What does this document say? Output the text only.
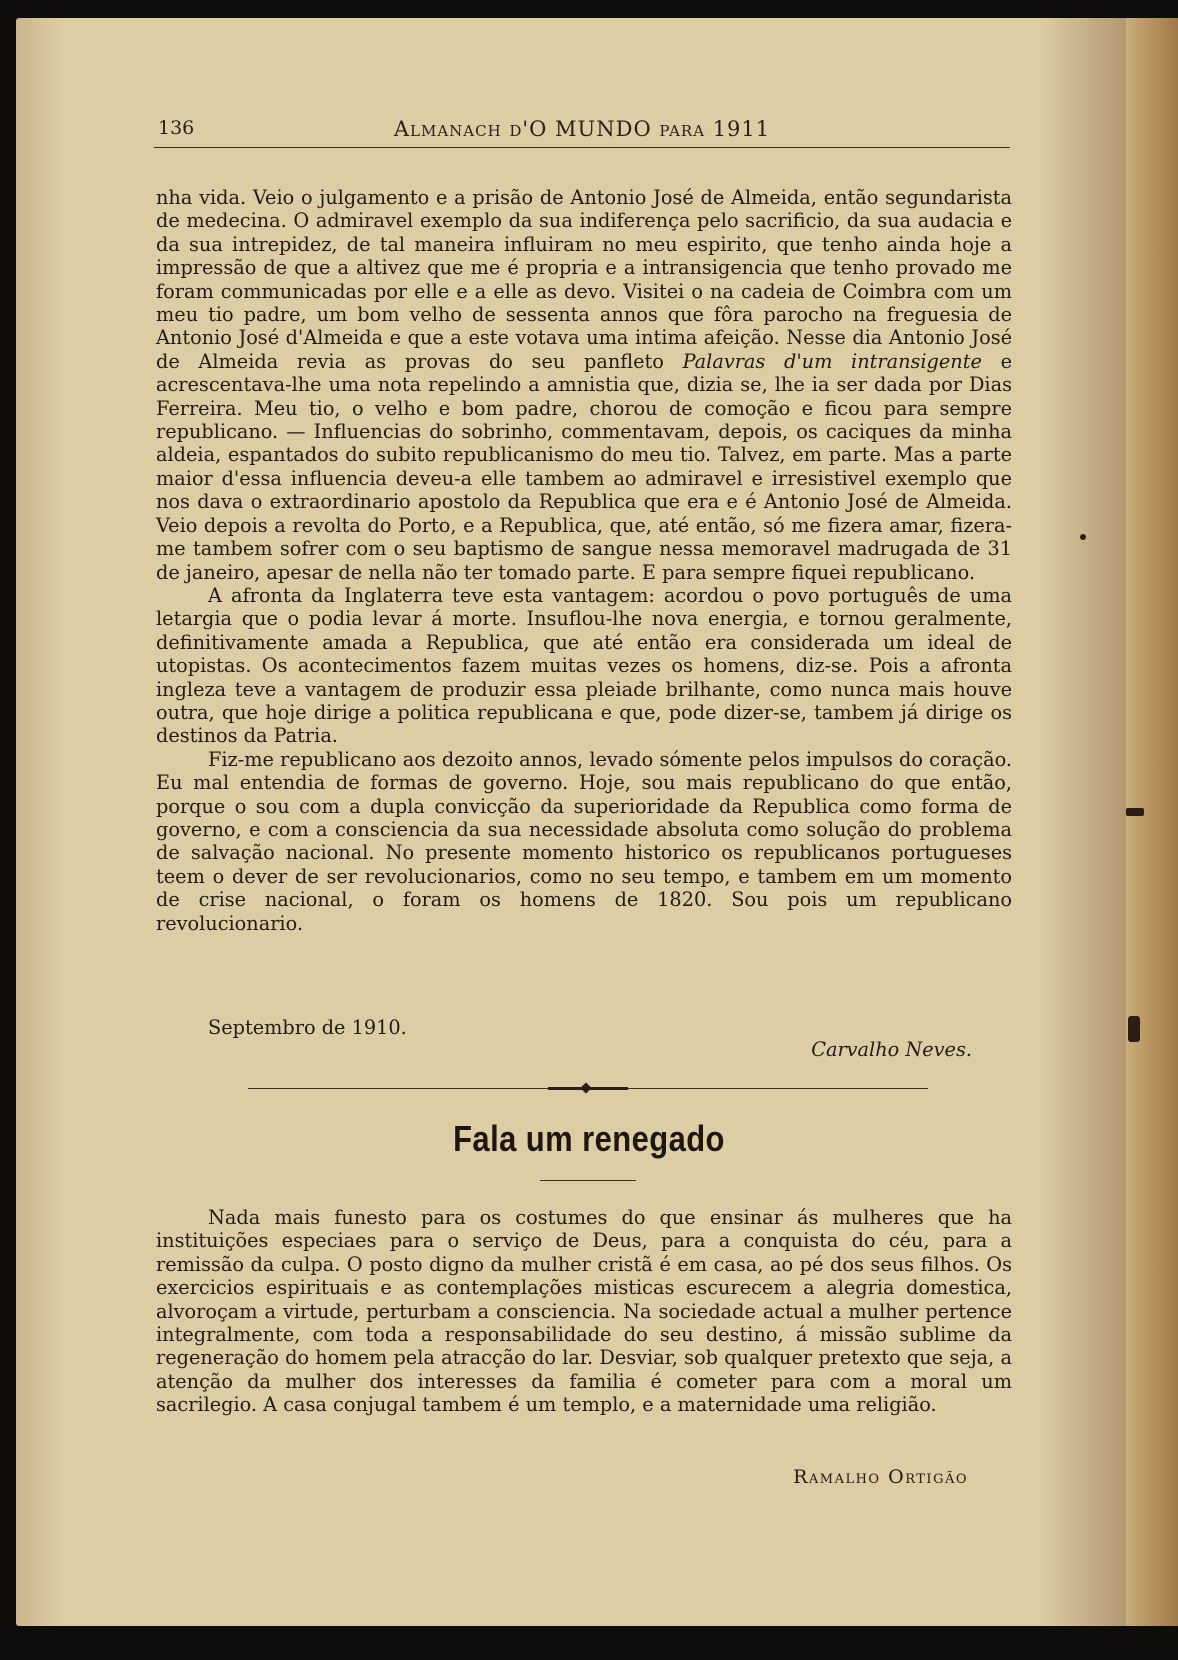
136	Almanach d'O MUNDO para 1911

nha vida. Veio o julgamento e a prisão de Antonio José de Almeida, então segundarista de medecina. O admiravel exemplo da sua indiferença pelo sacrificio, da sua audacia e da sua intrepidez, de tal maneira influiram no meu espirito, que tenho ainda hoje a impressão de que a altivez que me é propria e a intransigencia que tenho provado me foram communicadas por elle e a elle as devo. Visitei o na cadeia de Coimbra com um meu tio padre, um bom velho de sessenta annos que fôra parocho na freguesia de Antonio José d'Almeida e que a este votava uma intima afeição. Nesse dia Antonio José de Almeida revia as provas do seu panfleto Palavras d'um intransigente e acrescentava-lhe uma nota repelindo a amnistia que, dizia se, lhe ia ser dada por Dias Ferreira. Meu tio, o velho e bom padre, chorou de comoção e ficou para sempre republicano. — Influencias do sobrinho, commentavam, depois, os caciques da minha aldeia, espantados do subito republicanismo do meu tio. Talvez, em parte. Mas a parte maior d'essa influencia deveu-a elle tambem ao admiravel e irresistivel exemplo que nos dava o extraordinario apostolo da Republica que era e é Antonio José de Almeida. Veio depois a revolta do Porto, e a Republica, que, até então, só me fizera amar, fizera-me tambem sofrer com o seu baptismo de sangue nessa memoravel madrugada de 31 de janeiro, apesar de nella não ter tomado parte. E para sempre fiquei republicano.

A afronta da Inglaterra teve esta vantagem: acordou o povo português de uma letargia que o podia levar á morte. Insuflou-lhe nova energia, e tornou geralmente, definitivamente amada a Republica, que até então era considerada um ideal de utopistas. Os acontecimentos fazem muitas vezes os homens, diz-se. Pois a afronta ingleza teve a vantagem de produzir essa pleiade brilhante, como nunca mais houve outra, que hoje dirige a politica republicana e que, pode dizer-se, tambem já dirige os destinos da Patria.

Fiz-me republicano aos dezoito annos, levado sómente pelos impulsos do coração. Eu mal entendia de formas de governo. Hoje, sou mais republicano do que então, porque o sou com a dupla convicção da superioridade da Republica como forma de governo, e com a consciencia da sua necessidade absoluta como solução do problema de salvação nacional. No presente momento historico os republicanos portugueses teem o dever de ser revolucionarios, como no seu tempo, e tambem em um momento de crise nacional, o foram os homens de 1820. Sou pois um republicano revolucionario.

Septembro de 1910.
Carvalho Neves.
Fala um renegado

Nada mais funesto para os costumes do que ensinar ás mulheres que ha instituições especiaes para o serviço de Deus, para a conquista do céu, para a remissão da culpa. O posto digno da mulher cristã é em casa, ao pé dos seus filhos. Os exercicios espirituais e as contemplações misticas escurecem a alegria domestica, alvoroçam a virtude, perturbam a consciencia. Na sociedade actual a mulher pertence integralmente, com toda a responsabilidade do seu destino, á missão sublime da regeneração do homem pela atracção do lar. Desviar, sob qualquer pretexto que seja, a atenção da mulher dos interesses da familia é cometer para com a moral um sacrilegio. A casa conjugal tambem é um templo, e a maternidade uma religião.

Ramalho Ortigão
